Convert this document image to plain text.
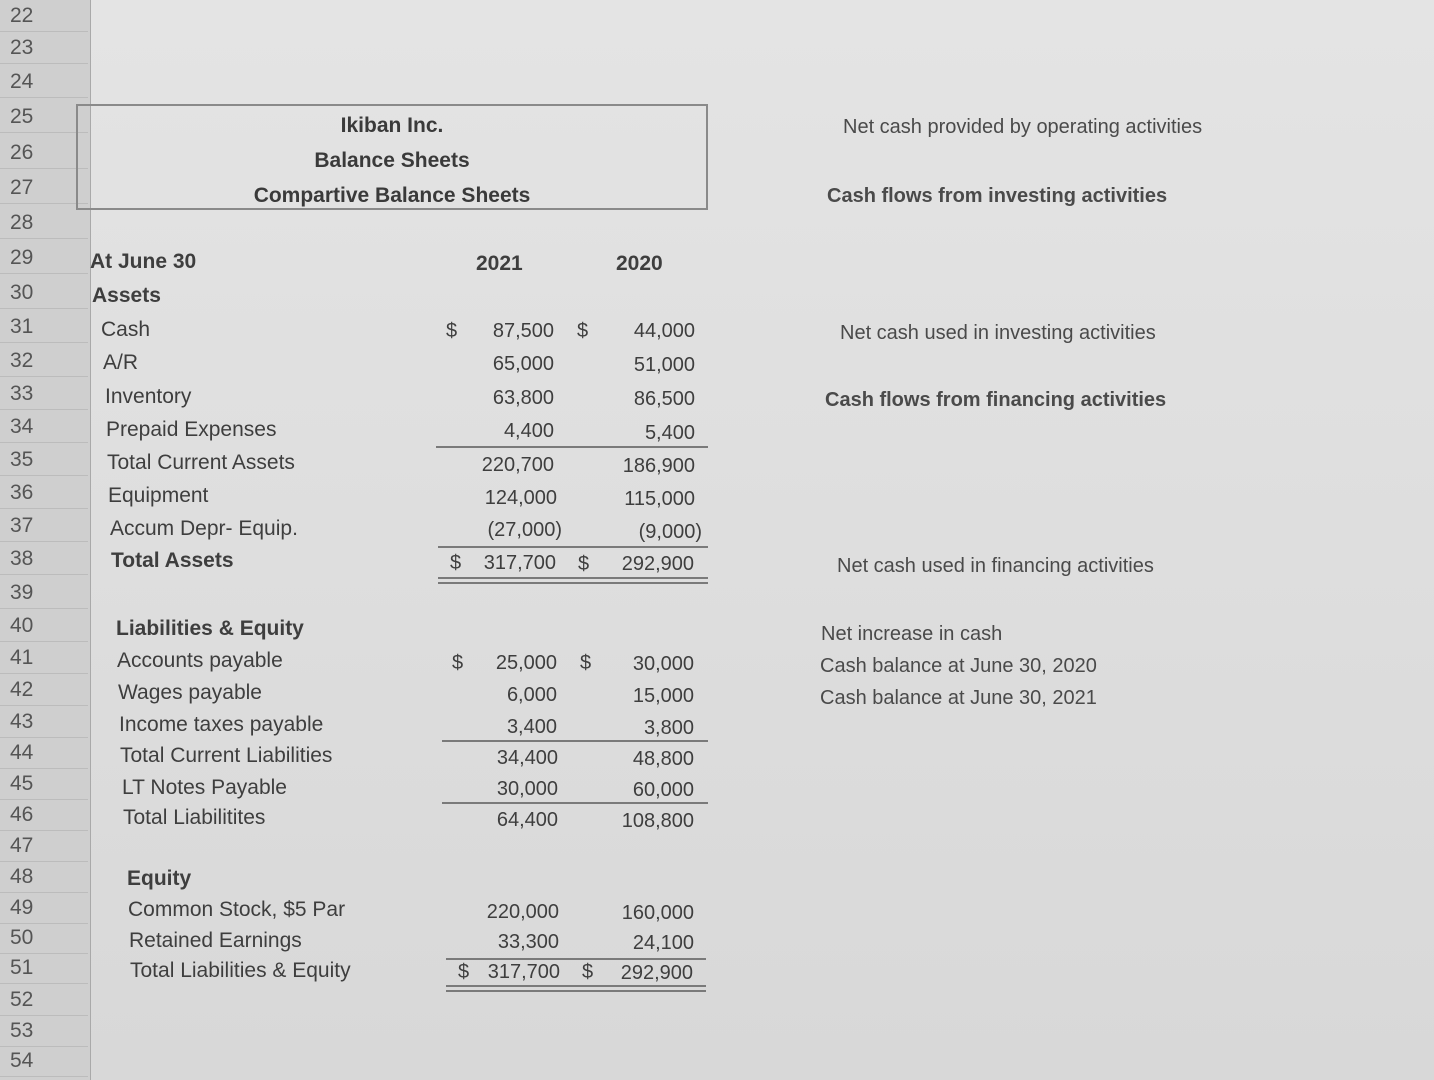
22
23
24
25
26
27
28
29
30
31
32
33
34
35
36
37
38
39
40
41
42
43
44
45
46
47
48
49
50
51
52
53
54
Ikiban Inc.
Balance Sheets
Compartive Balance Sheets
At June 30	2021	2020
Assets
Cash	$ 87,500 $ 44,000
A/R	65,000	51,000
Inventory	63,800	86,500
Prepaid Expenses	4,400	5,400
Total Current Assets	220,700	186,900
Equipment	124,000	115,000
Accum Depr- Equip.	(27,000)	(9,000)
Total Assets	$ 317,700 $ 292,900
Liabilities & Equity
Accounts payable	$ 25,000 $ 30,000
Wages payable	6,000	15,000
Income taxes payable	3,400	3,800
Total Current Liabilities	34,400	48,800
LT Notes Payable	30,000	60,000
Total Liabilitites	64,400	108,800
Equity
Common Stock, $5 Par	220,000	160,000
Retained Earnings	33,300	24,100
Total Liabilities & Equity	$ 317,700 $ 292,900
Net cash provided by operating activities
Cash flows from investing activities
Net cash used in investing activities
Cash flows from financing activities
Net cash used in financing activities
Net increase in cash
Cash balance at June 30, 2020
Cash balance at June 30, 2021
